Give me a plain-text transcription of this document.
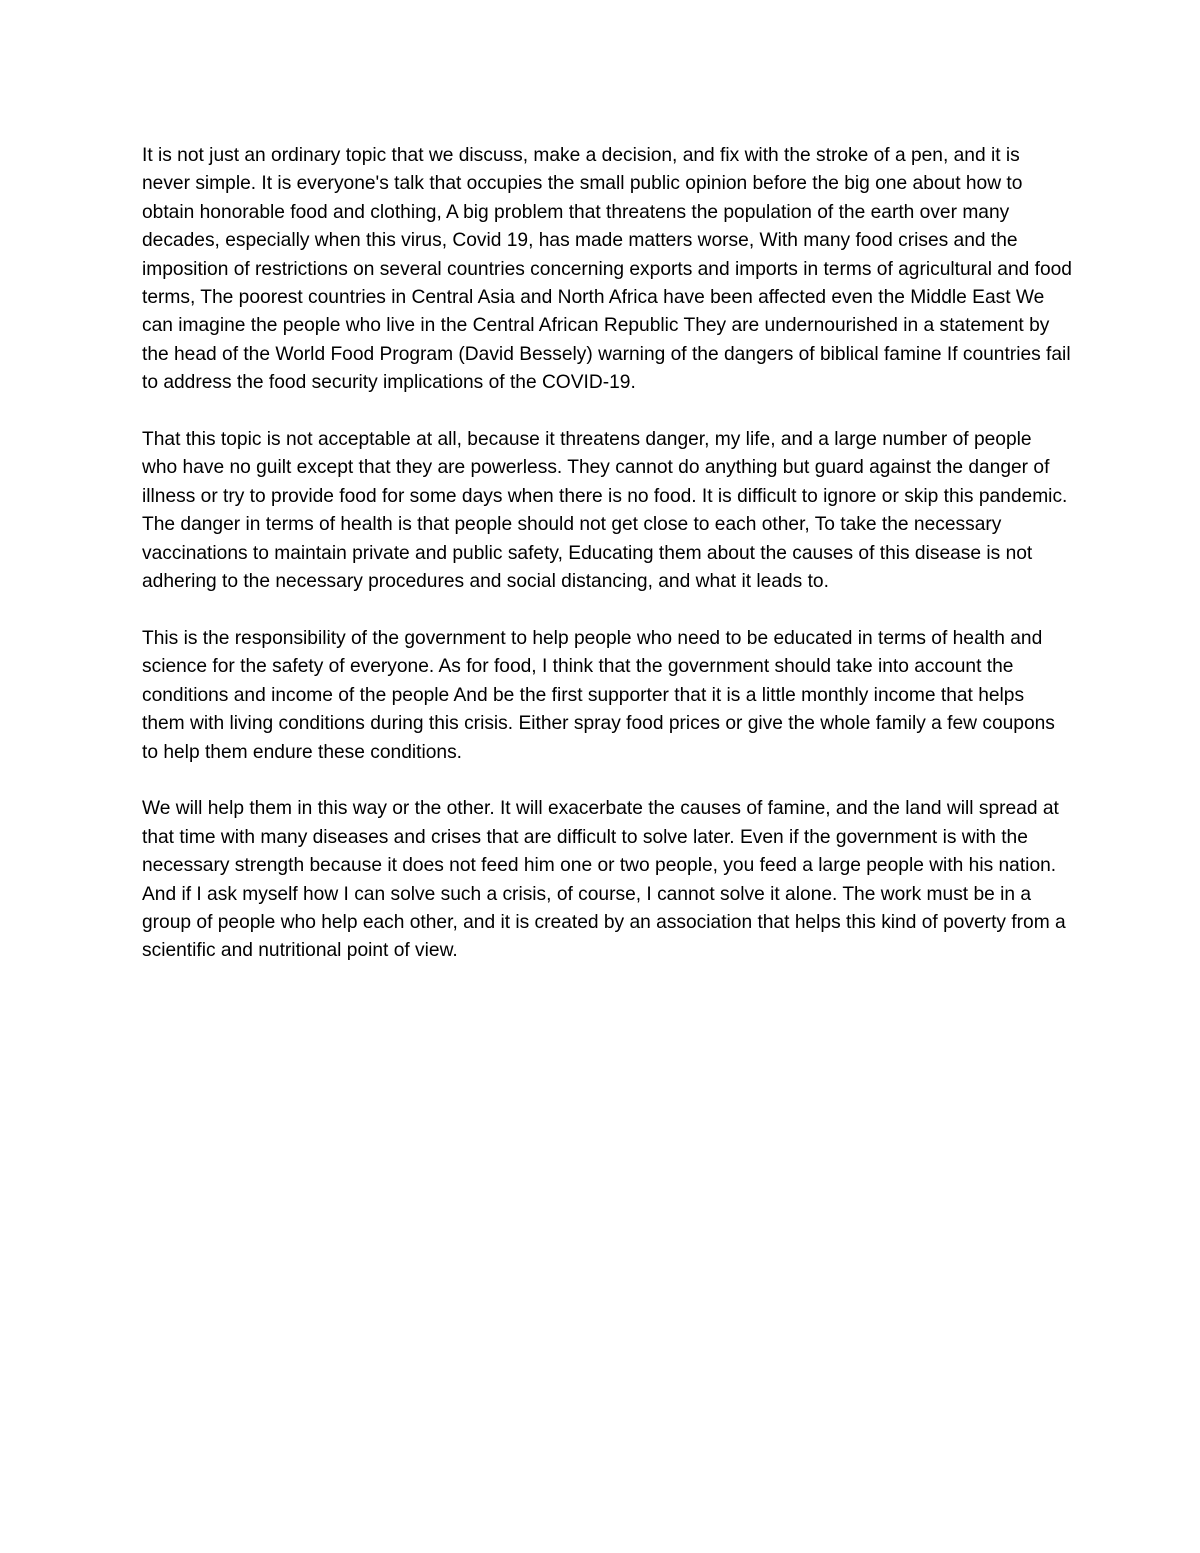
It is not just an ordinary topic that we discuss, make a decision, and fix with the stroke of a pen, and it is never simple. It is everyone's talk that occupies the small public opinion before the big one about how to obtain honorable food and clothing, A big problem that threatens the population of the earth over many decades, especially when this virus, Covid 19, has made matters worse, With many food crises and the imposition of restrictions on several countries concerning exports and imports in terms of agricultural and food terms, The poorest countries in Central Asia and North Africa have been affected even the Middle East We can imagine the people who live in the Central African Republic They are undernourished in a statement by the head of the World Food Program (David Bessely) warning of the dangers of biblical famine If countries fail to address the food security implications of the COVID-19.

That this topic is not acceptable at all, because it threatens danger, my life, and a large number of people who have no guilt except that they are powerless. They cannot do anything but guard against the danger of illness or try to provide food for some days when there is no food. It is difficult to ignore or skip this pandemic. The danger in terms of health is that people should not get close to each other, To take the necessary vaccinations to maintain private and public safety, Educating them about the causes of this disease is not adhering to the necessary procedures and social distancing, and what it leads to.

This is the responsibility of the government to help people who need to be educated in terms of health and science for the safety of everyone. As for food, I think that the government should take into account the conditions and income of the people And be the first supporter that it is a little monthly income that helps them with living conditions during this crisis. Either spray food prices or give the whole family a few coupons to help them endure these conditions.

We will help them in this way or the other. It will exacerbate the causes of famine, and the land will spread at that time with many diseases and crises that are difficult to solve later. Even if the government is with the necessary strength because it does not feed him one or two people, you feed a large people with his nation. And if I ask myself how I can solve such a crisis, of course, I cannot solve it alone. The work must be in a group of people who help each other, and it is created by an association that helps this kind of poverty from a scientific and nutritional point of view.
